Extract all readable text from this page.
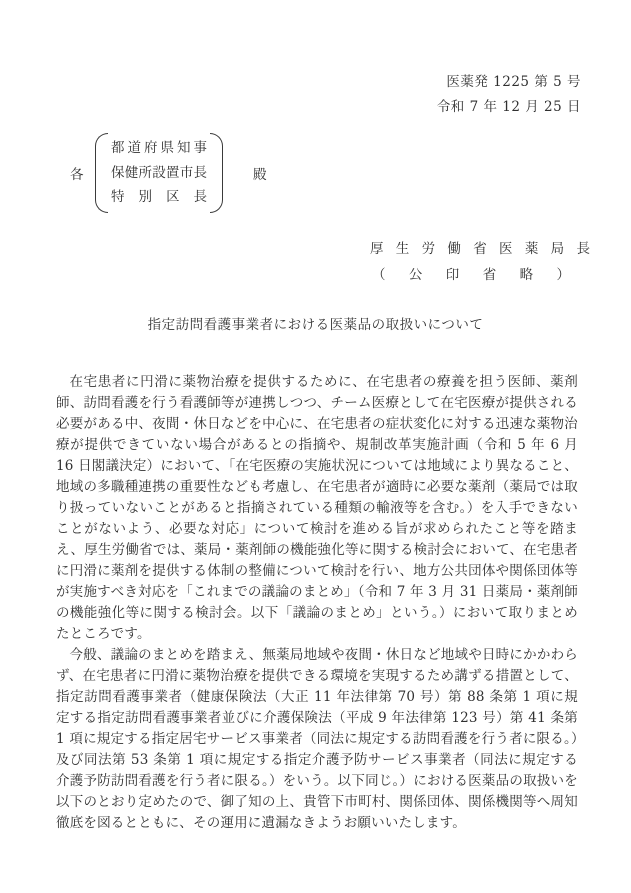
医薬発 1225 第 5 号
令和 7 年 12 月 25 日
各
都道府県知事
保健所設置市長
特別区長
殿
厚生労働省医薬局長
（公印省略）
指定訪問看護事業者における医薬品の取扱いについて

在宅患者に円滑に薬物治療を提供するために、在宅患者の療養を担う医師、薬剤師、訪問看護を行う看護師等が連携しつつ、チーム医療として在宅医療が提供される必要がある中、夜間・休日などを中心に、在宅患者の症状変化に対する迅速な薬物治療が提供できていない場合があるとの指摘や、規制改革実施計画（令和 5 年 6 月 16 日閣議決定）において、「在宅医療の実施状況については地域により異なること、地域の多職種連携の重要性なども考慮し、在宅患者が適時に必要な薬剤（薬局では取り扱っていないことがあると指摘されている種類の輸液等を含む。）を入手できないことがないよう、必要な対応」について検討を進める旨が求められたこと等を踏まえ、厚生労働省では、薬局・薬剤師の機能強化等に関する検討会において、在宅患者に円滑に薬剤を提供する体制の整備について検討を行い、地方公共団体や関係団体等が実施すべき対応を「これまでの議論のまとめ」（令和 7 年 3 月 31 日薬局・薬剤師の機能強化等に関する検討会。以下「議論のまとめ」という。）において取りまとめたところです。

今般、議論のまとめを踏まえ、無薬局地域や夜間・休日など地域や日時にかかわらず、在宅患者に円滑に薬物治療を提供できる環境を実現するため講ずる措置として、指定訪問看護事業者（健康保険法（大正 11 年法律第 70 号）第 88 条第 1 項に規定する指定訪問看護事業者並びに介護保険法（平成 9 年法律第 123 号）第 41 条第 1 項に規定する指定居宅サービス事業者（同法に規定する訪問看護を行う者に限る。）及び同法第 53 条第 1 項に規定する指定介護予防サービス事業者（同法に規定する介護予防訪問看護を行う者に限る。）をいう。以下同じ。）における医薬品の取扱いを以下のとおり定めたので、御了知の上、貴管下市町村、関係団体、関係機関等へ周知徹底を図るとともに、その運用に遺漏なきようお願いいたします。
